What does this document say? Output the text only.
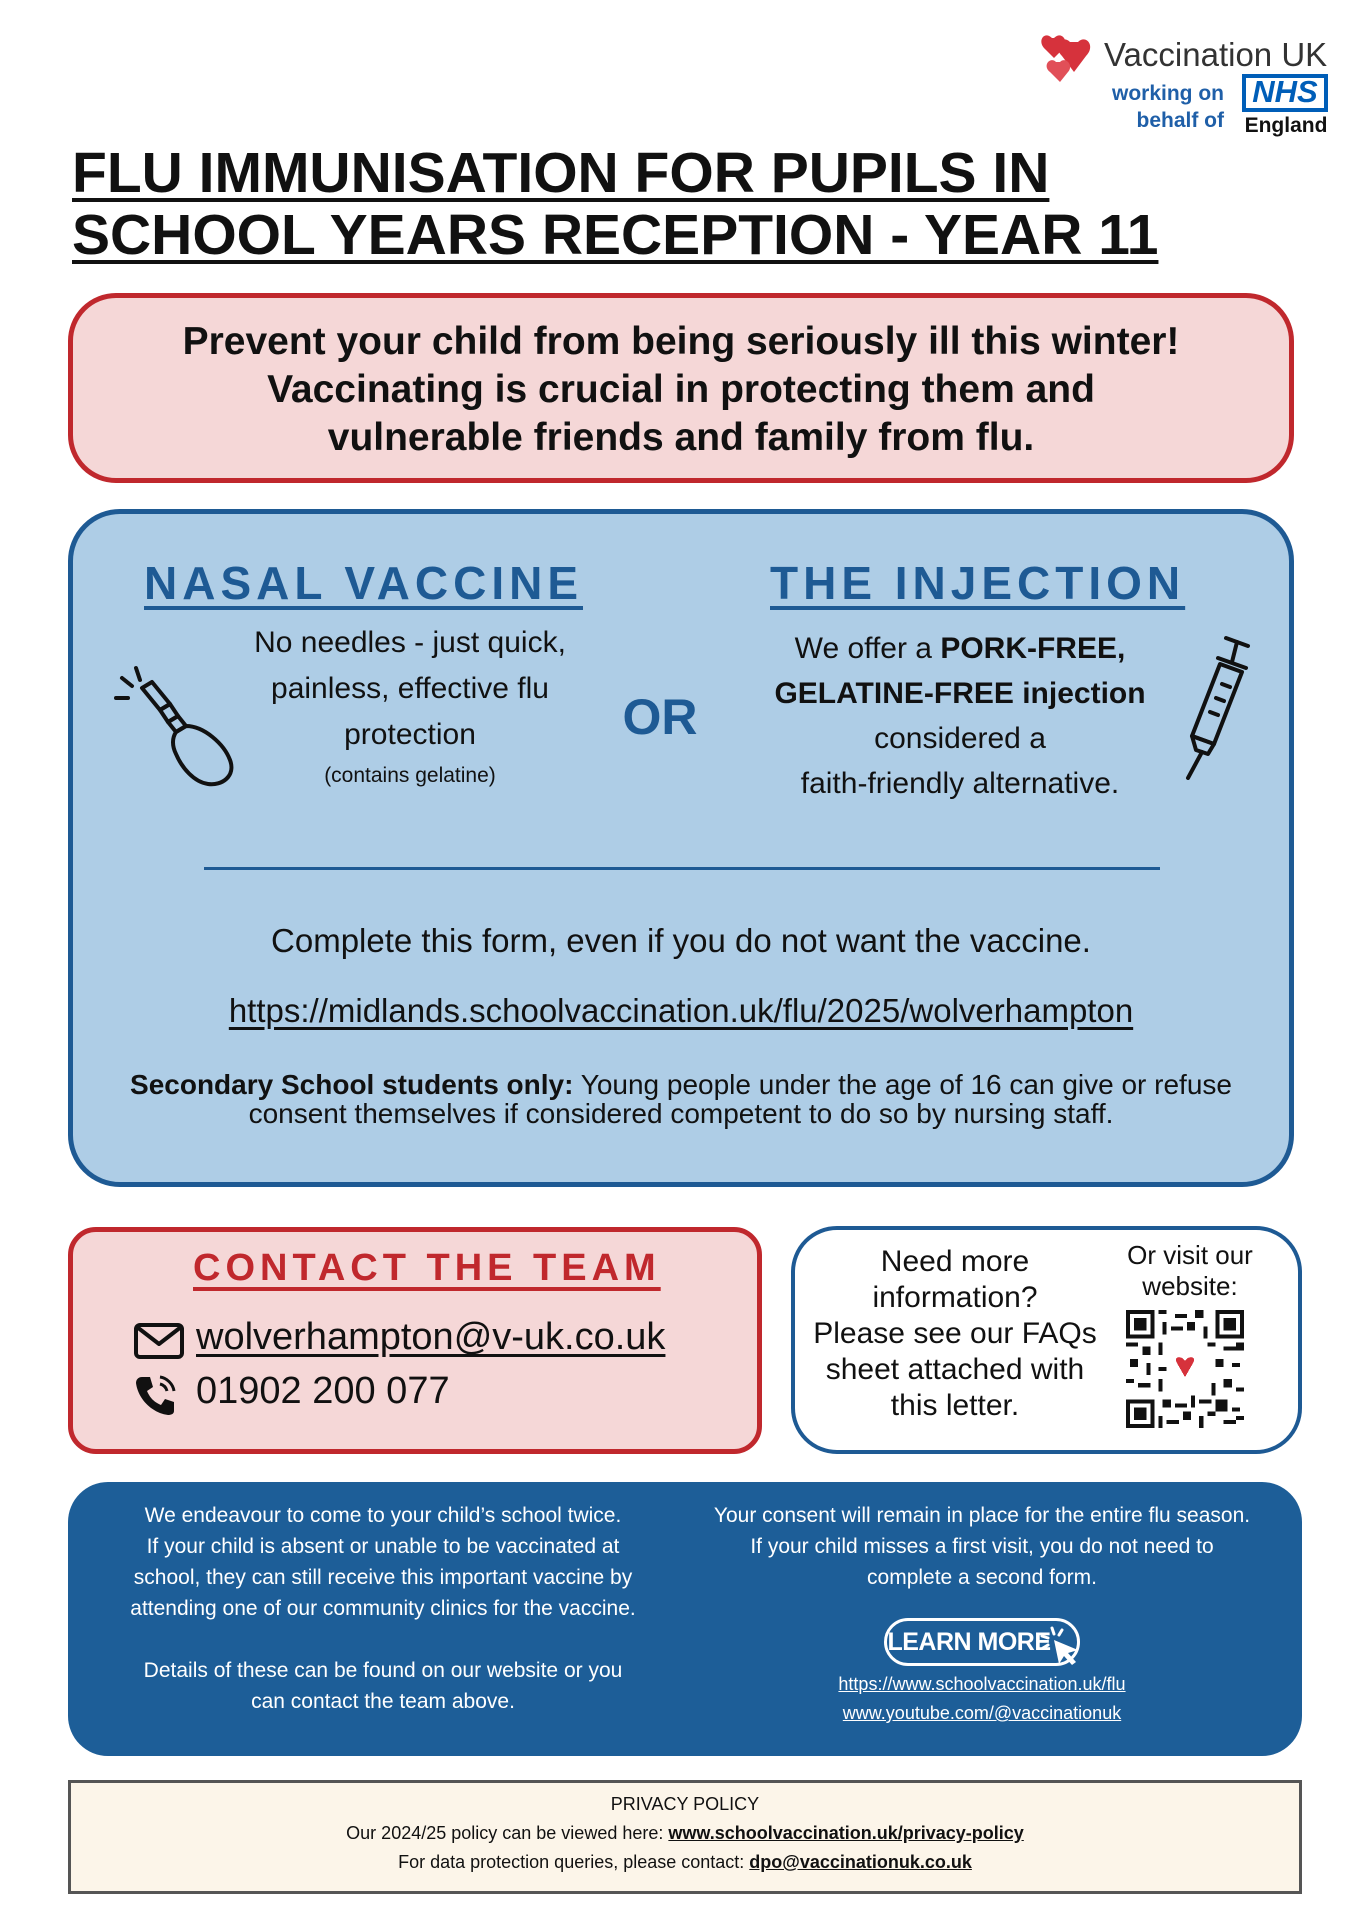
Vaccination UK
working on
behalf of
NHS
England
FLU IMMUNISATION FOR PUPILS IN
SCHOOL YEARS RECEPTION - YEAR 11
Prevent your child from being seriously ill this winter!
Vaccinating is crucial in protecting them and
vulnerable friends and family from flu.
NASAL VACCINE	THE INJECTION
No needles - just quick,
painless, effective flu
protection
(contains gelatine)
OR
We offer a PORK-FREE,
GELATINE-FREE injection
considered a
faith-friendly alternative.
Complete this form, even if you do not want the vaccine.
https://midlands.schoolvaccination.uk/flu/2025/wolverhampton
Secondary School students only: Young people under the age of 16 can give or refuse consent themselves if considered competent to do so by nursing staff.
CONTACT THE TEAM
wolverhampton@v-uk.co.uk
01902 200 077
Need more
information?
Please see our FAQs
sheet attached with
this letter.
Or visit our
website:

We endeavour to come to your child’s school twice.

If your child is absent or unable to be vaccinated at

school, they can still receive this important vaccine by

attending one of our community clinics for the vaccine.

Details of these can be found on our website or you

can contact the team above.

Your consent will remain in place for the entire flu season.
If your child misses a first visit, you do not need to
complete a second form.
LEARN MORE
https://www.schoolvaccination.uk/flu
www.youtube.com/@vaccinationuk
PRIVACY POLICY
Our 2024/25 policy can be viewed here: www.schoolvaccination.uk/privacy-policy
For data protection queries, please contact: dpo@vaccinationuk.co.uk
